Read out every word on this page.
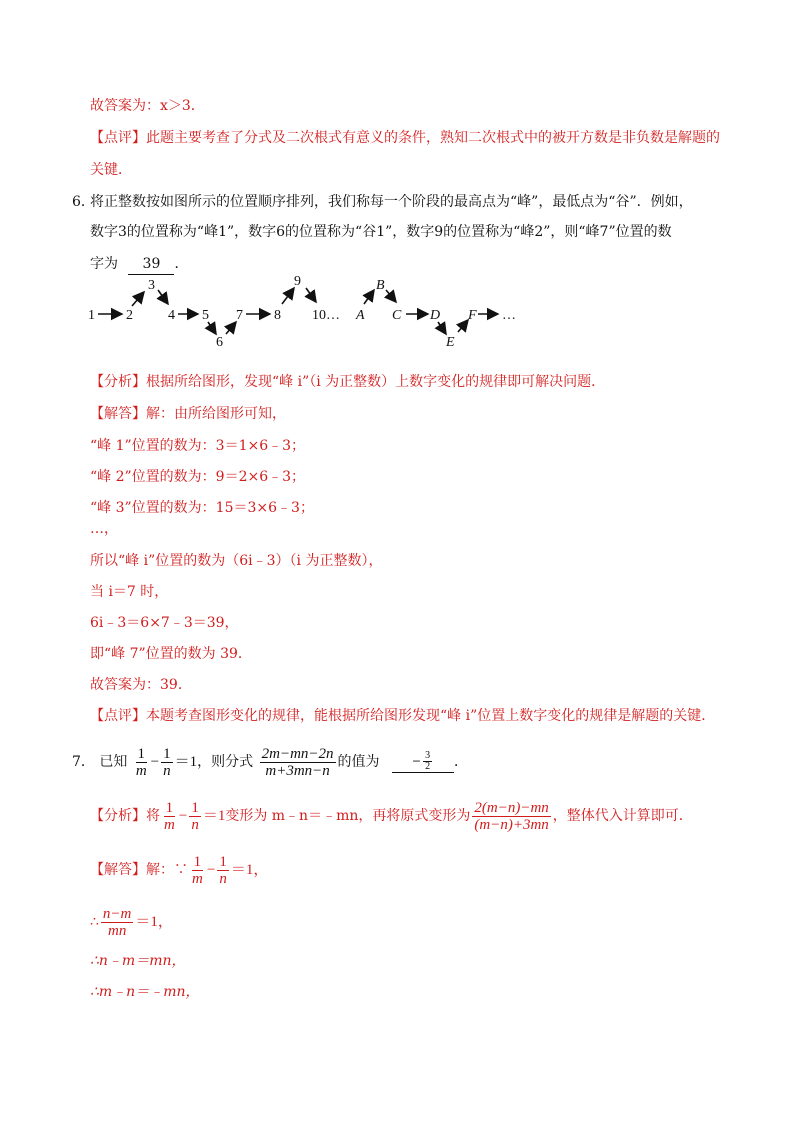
故答案为：x＞3．
【点评】此题主要考查了分式及二次根式有意义的条件，熟知二次根式中的被开方数是非负数是解题的
关键．
6．
将正整数按如图所示的位置顺序排列，我们称每一个阶段的最高点为“峰”，最低点为“谷”．例如，
数字3的位置称为“峰1”，数字6的位置称为“谷1”，数字9的位置称为“峰2”，则“峰7”位置的数
字为 39 ．
1 2
3
4 5
6
7 8
9
10… A
B
C D
E
F …
【分析】根据所给图形，发现“峰 i”（i 为正整数）上数字变化的规律即可解决问题．
【解答】解：由所给图形可知，
“峰 1”位置的数为：3＝1×6﹣3；
“峰 2”位置的数为：9＝2×6﹣3；
“峰 3”位置的数为：15＝3×6﹣3；
…，
所以“峰 i”位置的数为（6i﹣3）（i 为正整数），
当 i＝7 时，
6i﹣3＝6×7﹣3＝39，
即“峰 7”位置的数为 39．
故答案为：39．
【点评】本题考查图形变化的规律，能根据所给图形发现“峰 i”位置上数字变化的规律是解题的关键．
7． 已知 $\frac{1}{m} - \frac{1}{n} =1$，则分式 $\frac{2m-mn-2n}{m+3mn-n}$ 的值为	− $\frac{3}{2}$ ．
【分析】将 $\frac{1}{m} - \frac{1}{n} =1$变形为 m﹣n＝﹣mn，再将原式变形为 $\frac{2(m-n)-mn}{(m-n)+3mn}$ ，整体代入计算即可．
【解答】解：∵ $\frac{1}{m} - \frac{1}{n} =1$，
∴ $\frac{n-m}{mn} =1$，
∴n﹣m＝mn，
∴m﹣n＝﹣mn，
